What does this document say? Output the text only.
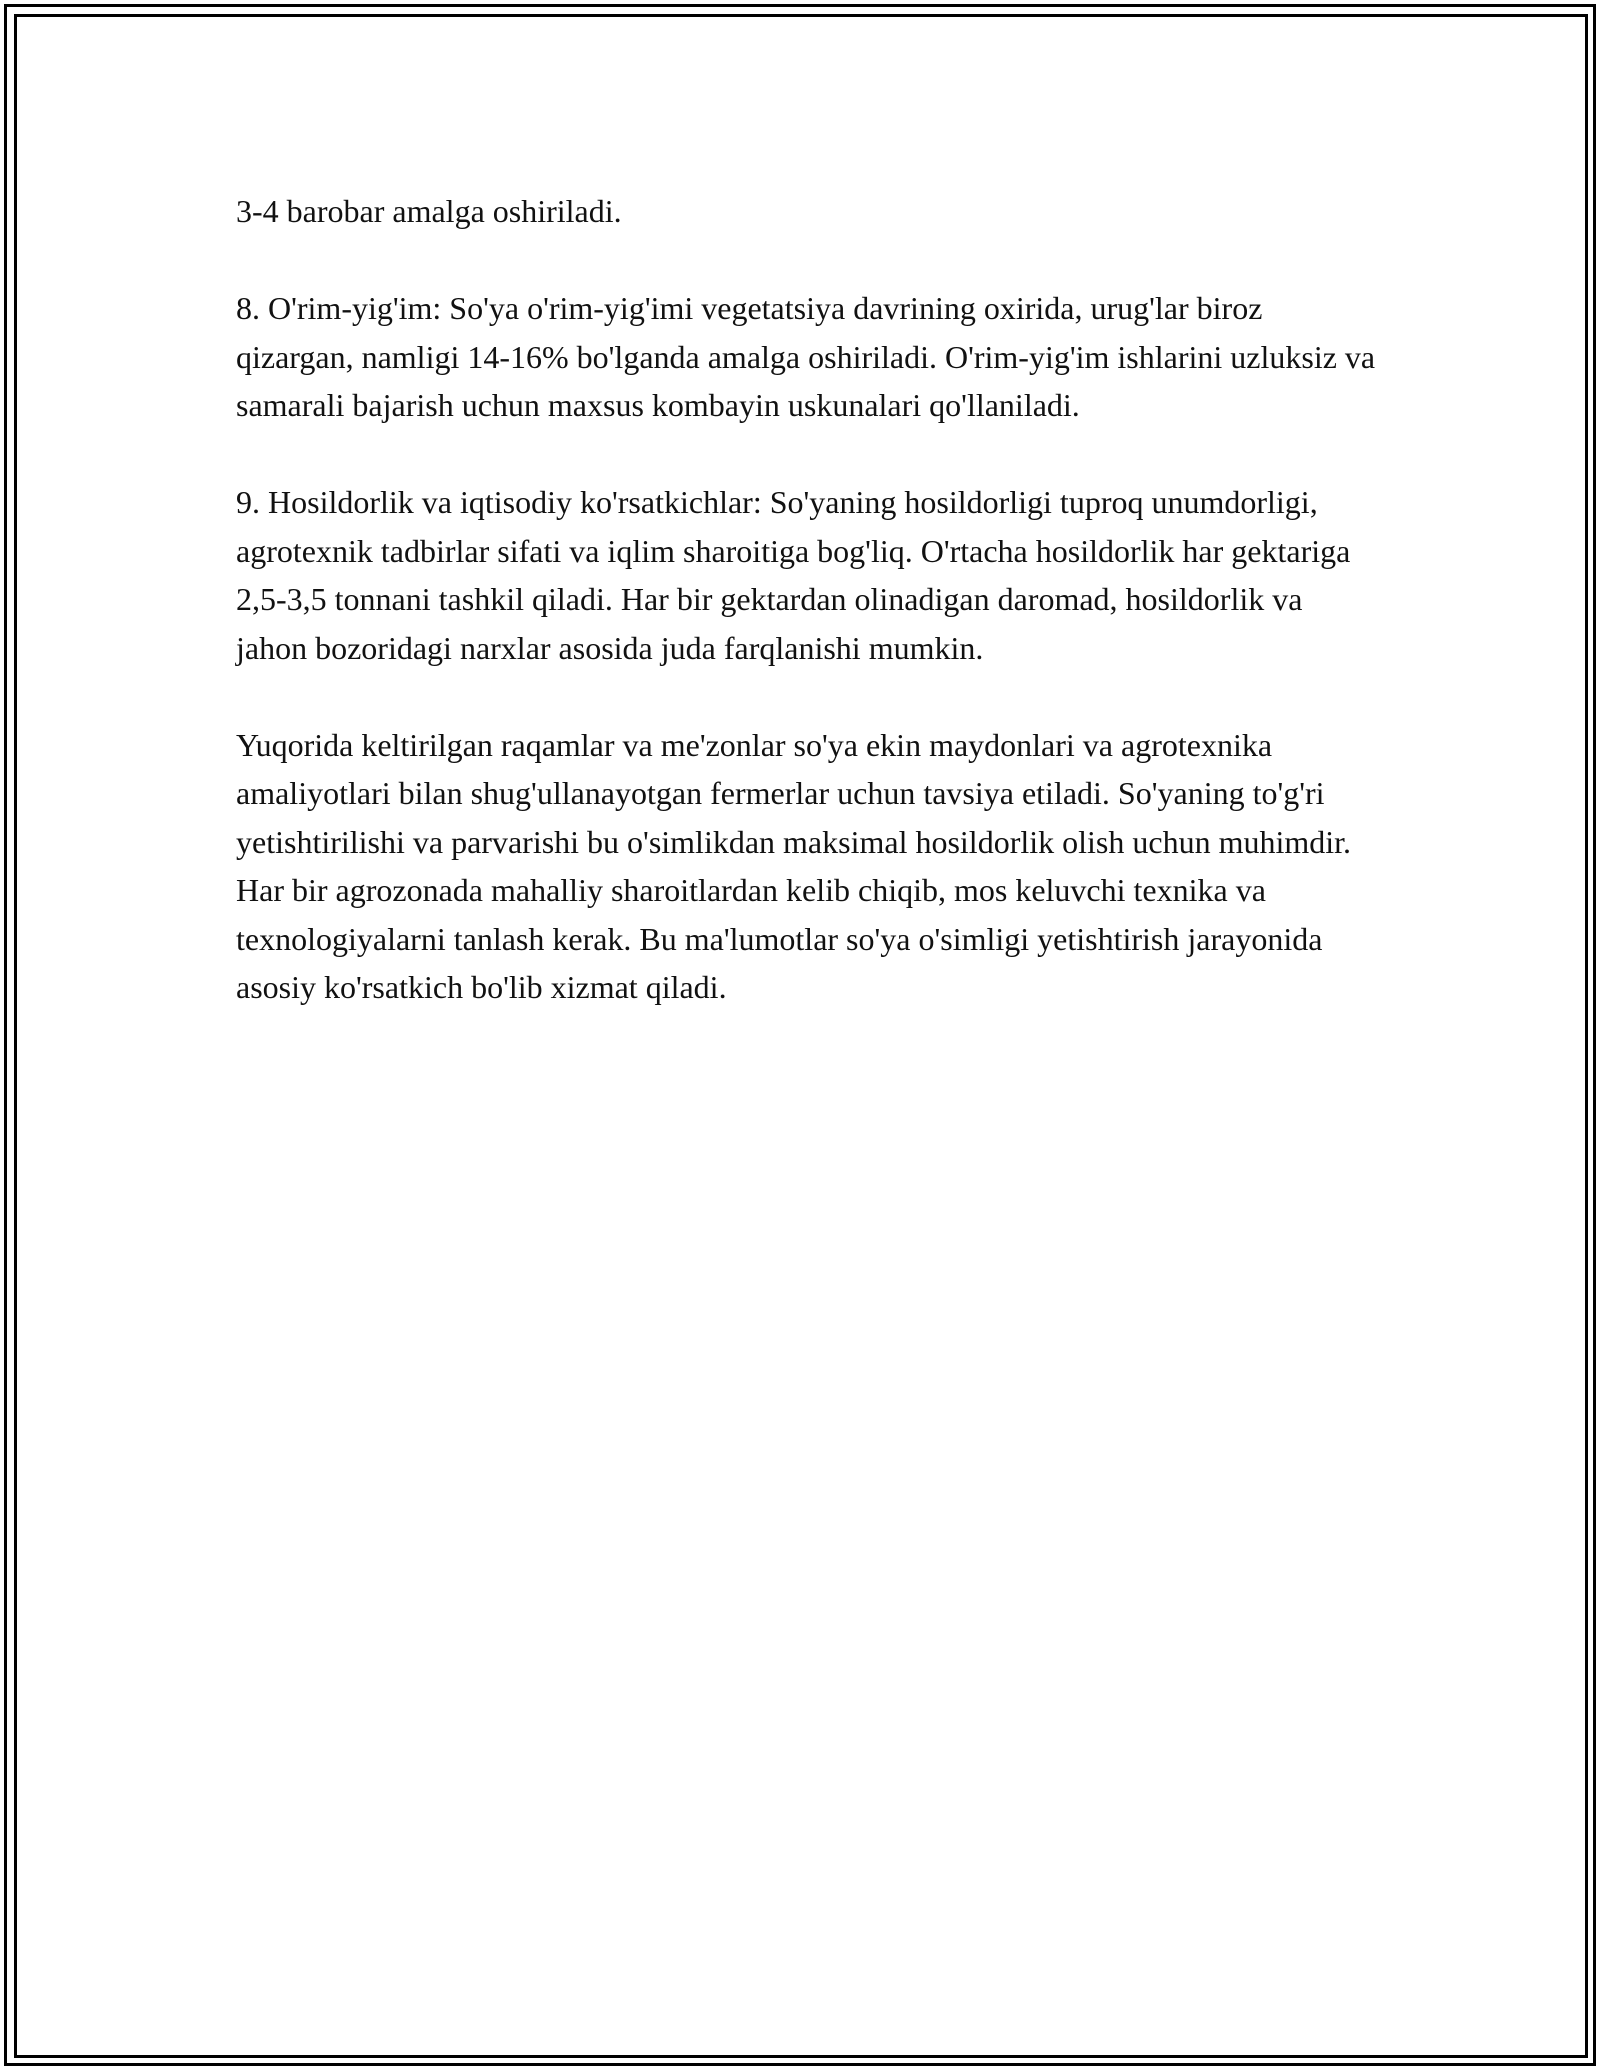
3-4 barobar amalga oshiriladi.

8. O'rim-yig'im: So'ya o'rim-yig'imi vegetatsiya davrining oxirida, urug'lar biroz qizargan, namligi 14-16% bo'lganda amalga oshiriladi. O'rim-yig'im ishlarini uzluksiz va samarali bajarish uchun maxsus kombayin uskunalari qo'llaniladi.

9. Hosildorlik va iqtisodiy ko'rsatkichlar: So'yaning hosildorligi tuproq unumdorligi, agrotexnik tadbirlar sifati va iqlim sharoitiga bog'liq. O'rtacha hosildorlik har gektariga 2,5-3,5 tonnani tashkil qiladi. Har bir gektardan olinadigan daromad, hosildorlik va jahon bozoridagi narxlar asosida juda farqlanishi mumkin.

Yuqorida keltirilgan raqamlar va me'zonlar so'ya ekin maydonlari va agrotexnika amaliyotlari bilan shug'ullanayotgan fermerlar uchun tavsiya etiladi. So'yaning to'g'ri yetishtirilishi va parvarishi bu o'simlikdan maksimal hosildorlik olish uchun muhimdir. Har bir agrozonada mahalliy sharoitlardan kelib chiqib, mos keluvchi texnika va texnologiyalarni tanlash kerak. Bu ma'lumotlar so'ya o'simligi yetishtirish jarayonida asosiy ko'rsatkich bo'lib xizmat qiladi.
